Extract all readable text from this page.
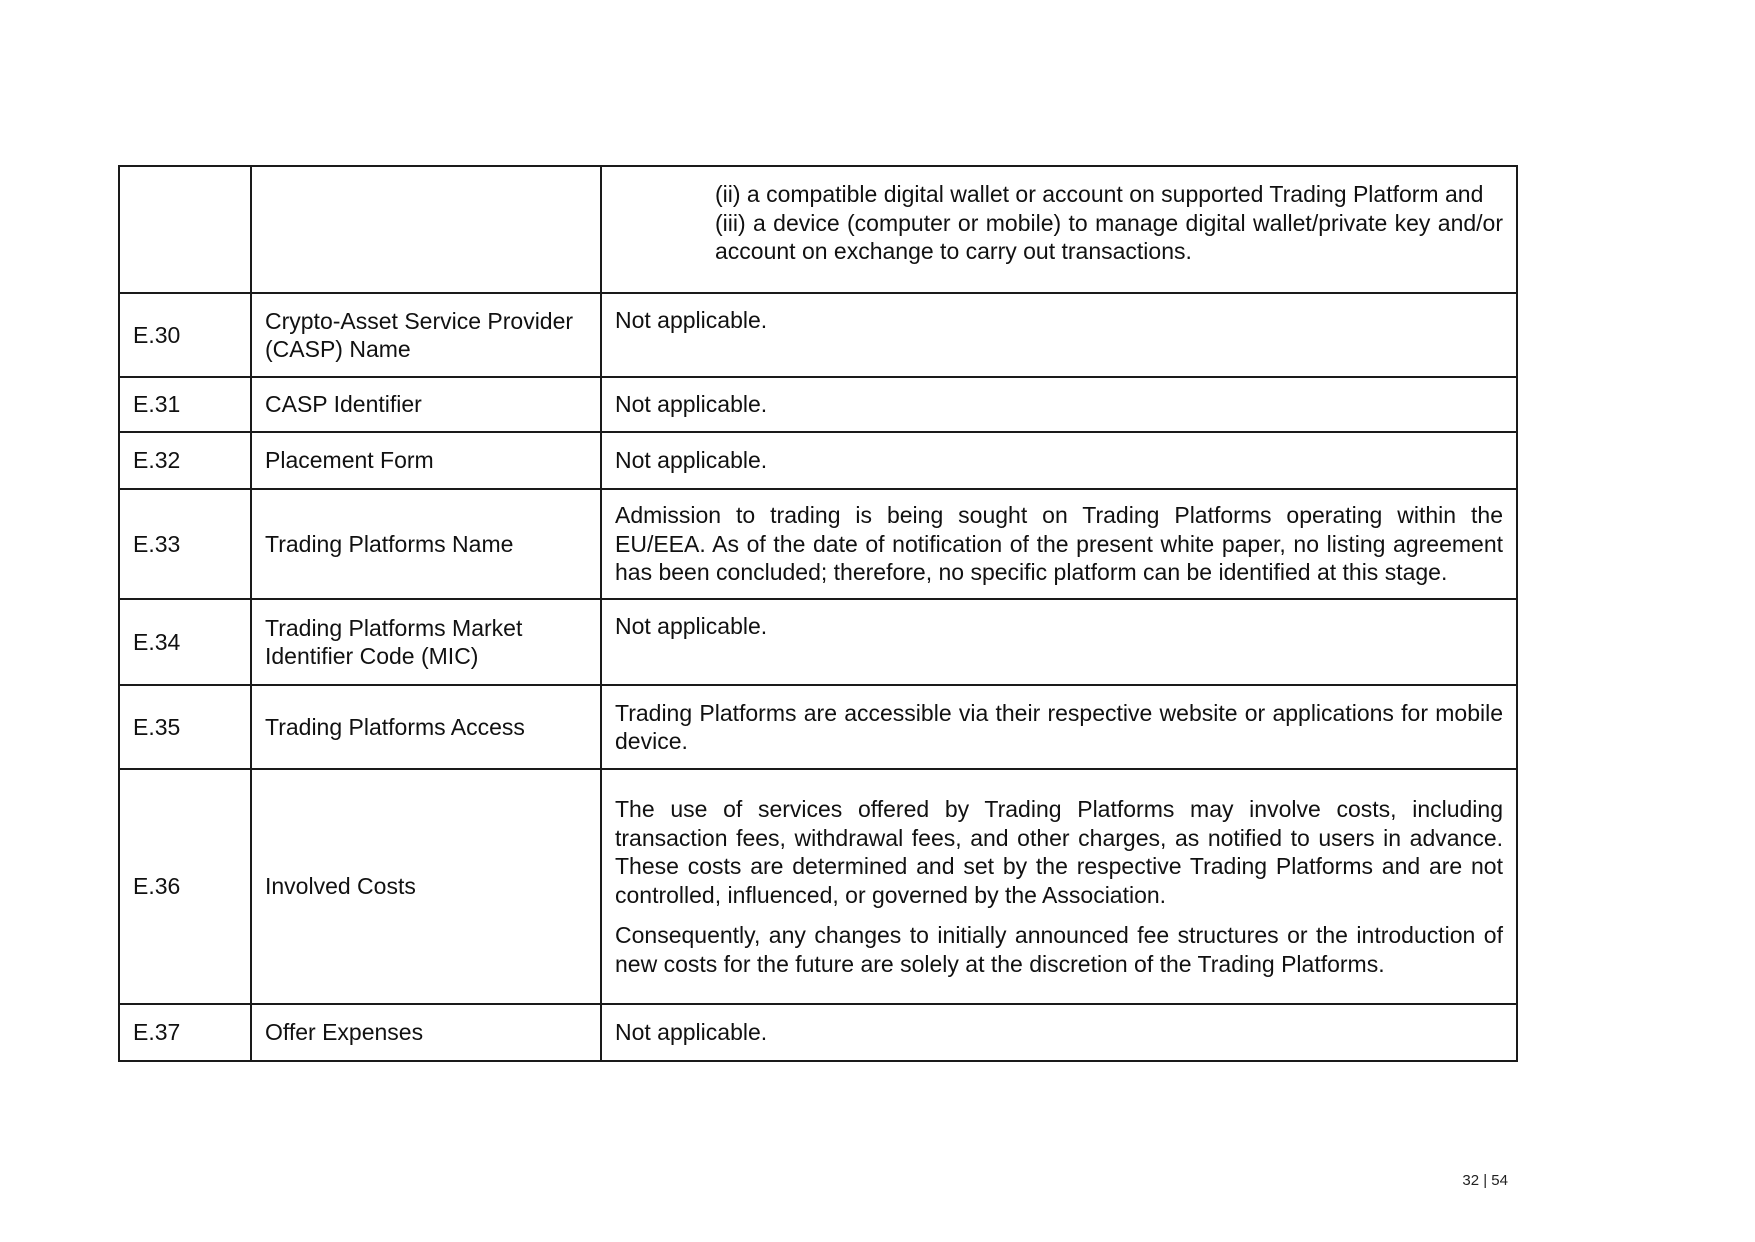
		(ii) a compatible digital wallet or account on supported Trading Platform and
(iii) a device (computer or mobile) to manage digital wallet/private key and/or account on exchange to carry out transactions.

E.30	Crypto-Asset Service Provider (CASP) Name	Not applicable.
E.31	CASP Identifier	Not applicable.
E.32	Placement Form	Not applicable.
E.33	Trading Platforms Name	Admission to trading is being sought on Trading Platforms operating within the EU/EEA. As of the date of notification of the present white paper, no listing agreement has been concluded; therefore, no specific platform can be identified at this stage.
E.34	Trading Platforms Market Identifier Code (MIC)	Not applicable.
E.35	Trading Platforms Access	Trading Platforms are accessible via their respective website or applications for mobile device.
E.36	Involved Costs	The use of services offered by Trading Platforms may involve costs, including transaction fees, withdrawal fees, and other charges, as notified to users in advance. These costs are determined and set by the respective Trading Platforms and are not controlled, influenced, or governed by the Association.

Consequently, any changes to initially announced fee structures or the introduction of new costs for the future are solely at the discretion of the Trading Platforms.

E.37	Offer Expenses	Not applicable.
32 | 54
